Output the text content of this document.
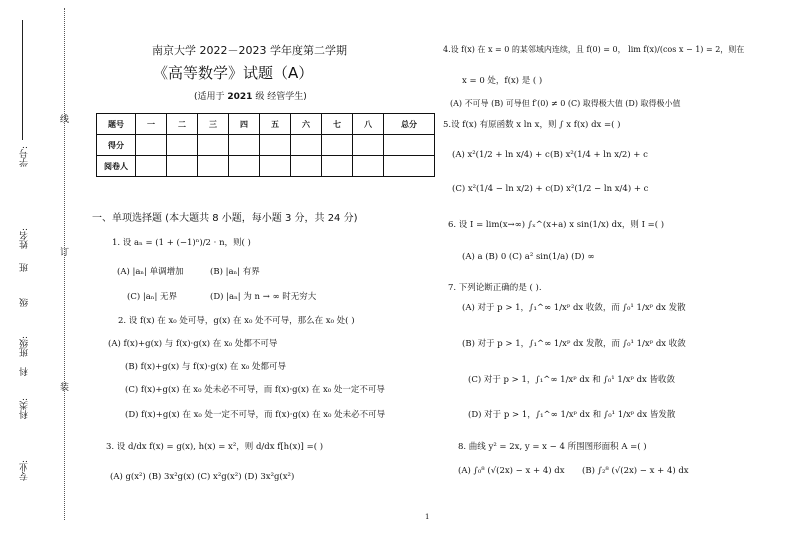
线
订
装
学号:
姓名:
班
级
班级:
科
科类:
专业:
南京大学 2022－2023 学年度第二学期
《高等数学》试题（A）
(适用于 2021 级 经管学生)
题号	一	二	三	四	五	六	七	八	总分
得分									
阅卷人									
一、单项选择题 (本大题共 8 小题，每小题 3 分，共 24 分)
1. 设 aₙ = (1 + (−1)ⁿ)/2 · n，则( )
(A) |aₙ| 单调增加	(B) |aₙ| 有界
(C) |aₙ| 无界	(D) |aₙ| 为 n → ∞ 时无穷大
2. 设 f(x) 在 x₀ 处可导，g(x) 在 x₀ 处不可导，那么在 x₀ 处( )
(A) f(x)+g(x) 与 f(x)·g(x) 在 x₀ 处都不可导
(B) f(x)+g(x) 与 f(x)·g(x) 在 x₀ 处都可导
(C) f(x)+g(x) 在 x₀ 处未必不可导，而 f(x)·g(x) 在 x₀ 处一定不可导
(D) f(x)+g(x) 在 x₀ 处一定不可导，而 f(x)·g(x) 在 x₀ 处未必不可导
3. 设 d/dx f(x) = g(x), h(x) = x²，则 d/dx f[h(x)] =( )
(A) g(x²) (B) 3x²g(x) (C) x²g(x²) (D) 3x²g(x²)
4.设 f(x) 在 x = 0 的某邻域内连续，且 f(0) = 0， lim f(x)/(cos x − 1) = 2，则在
x = 0 处，f(x) 是 ( )
(A) 不可导 (B) 可导但 f′(0) ≠ 0 (C) 取得极大值 (D) 取得极小值
5.设 f(x) 有原函数 x ln x，则 ∫ x f(x) dx =( )
(A) x²(1/2 + ln x/4) + c (B) x²(1/4 + ln x/2) + c
(C) x²(1/4 − ln x/2) + c (D) x²(1/2 − ln x/4) + c
6. 设 I = lim(x→∞) ∫ₓ^(x+a) x sin(1/x) dx，则 I =( )
(A) a (B) 0 (C) a² sin(1/a) (D) ∞
7. 下列论断正确的是 ( ).
(A) 对于 p > 1，∫₁^∞ 1/xᵖ dx 收敛，而 ∫₀¹ 1/xᵖ dx 发散
(B) 对于 p > 1，∫₁^∞ 1/xᵖ dx 发散，而 ∫₀¹ 1/xᵖ dx 收敛
(C) 对于 p > 1，∫₁^∞ 1/xᵖ dx 和 ∫₀¹ 1/xᵖ dx 皆收敛
(D) 对于 p > 1，∫₁^∞ 1/xᵖ dx 和 ∫₀¹ 1/xᵖ dx 皆发散
8. 曲线 y² = 2x, y = x − 4 所围图形面积 A =( )
(A) ∫₀⁸ (√(2x) − x + 4) dx (B) ∫₂⁸ (√(2x) − x + 4) dx
1
